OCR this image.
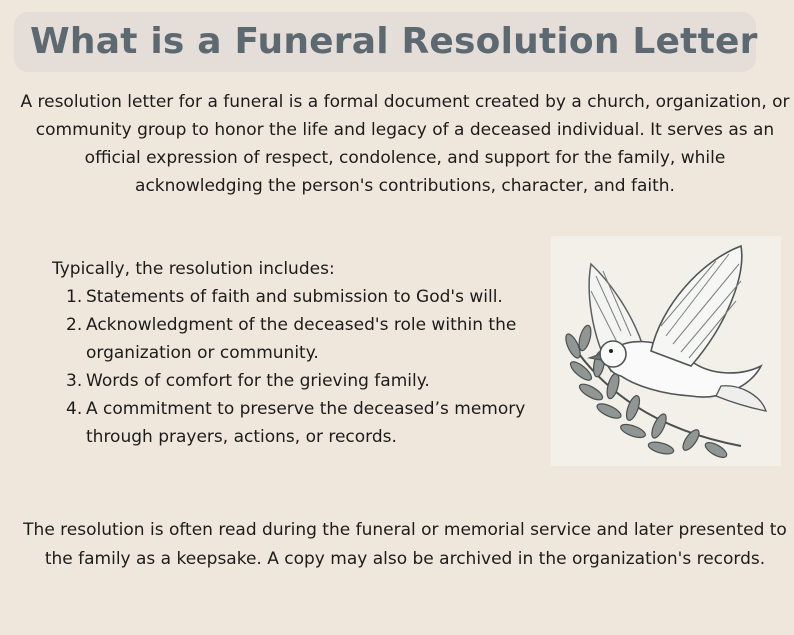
What is a Funeral Resolution Letter

A resolution letter for a funeral is a formal document created by a church, organization, or community group to honor the life and legacy of a deceased individual. It serves as an official expression of respect, condolence, and support for the family, while acknowledging the person's contributions, character, and faith.

Typically, the resolution includes:

1. Statements of faith and submission to God's will.
2. Acknowledgment of the deceased's role within the organization or community.
3. Words of comfort for the grieving family.
4. A commitment to preserve the deceased’s memory through prayers, actions, or records.

The resolution is often read during the funeral or memorial service and later presented to the family as a keepsake. A copy may also be archived in the organization's records.
